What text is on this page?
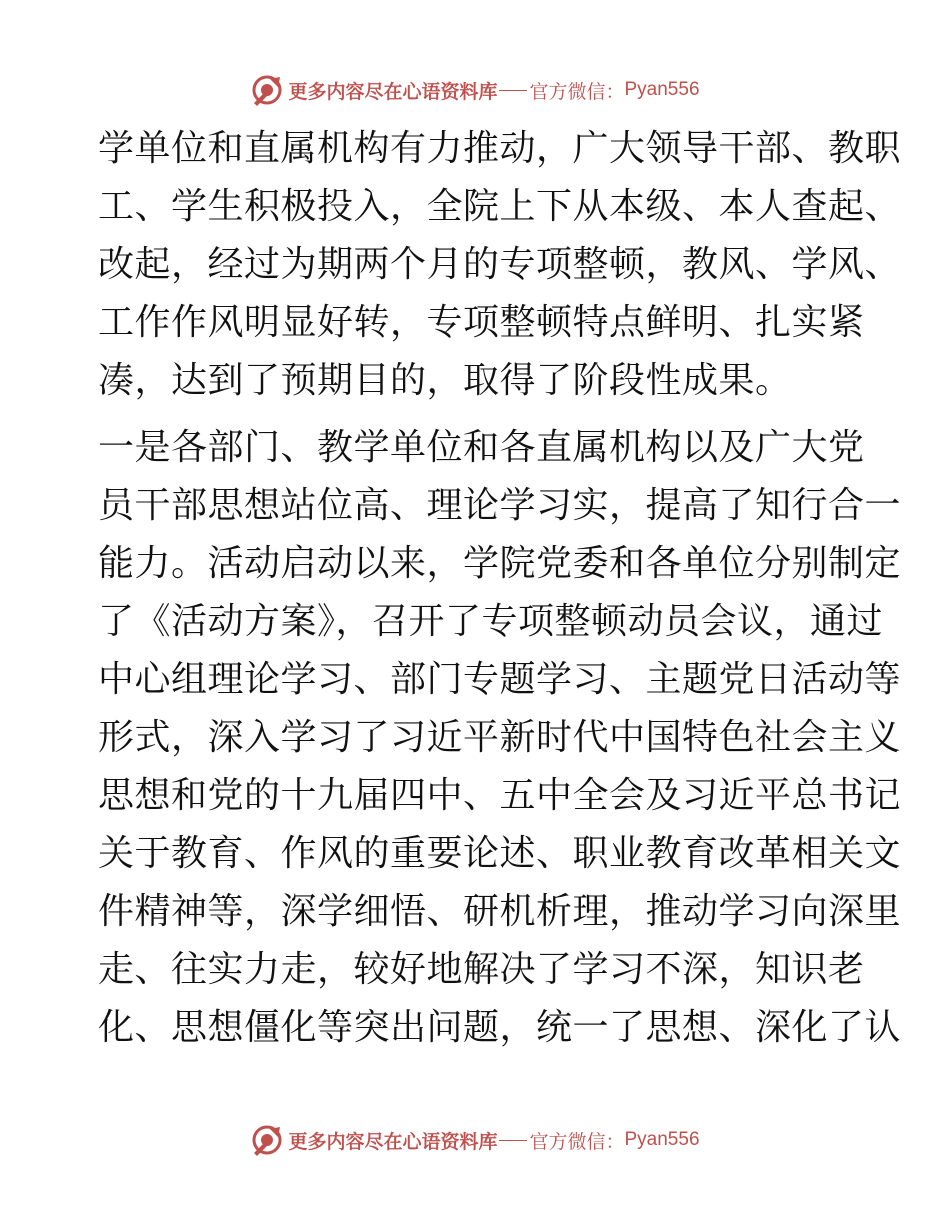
更多内容尽在心语资料库 官方微信： Pyan556
学单位和直属机构有力推动，广大领导干部、教职
工、学生积极投入，全院上下从本级、本人查起、
改起，经过为期两个月的专项整顿，教风、学风、
工作作风明显好转，专项整顿特点鲜明、扎实紧
凑，达到了预期目的，取得了阶段性成果。
一是各部门、教学单位和各直属机构以及广大党
员干部思想站位高、理论学习实，提高了知行合一
能力。活动启动以来，学院党委和各单位分别制定
了《活动方案》，召开了专项整顿动员会议，通过
中心组理论学习、部门专题学习、主题党日活动等
形式，深入学习了习近平新时代中国特色社会主义
思想和党的十九届四中、五中全会及习近平总书记
关于教育、作风的重要论述、职业教育改革相关文
件精神等，深学细悟、研机析理，推动学习向深里
走、往实力走，较好地解决了学习不深，知识老
化、思想僵化等突出问题，统一了思想、深化了认
更多内容尽在心语资料库 官方微信： Pyan556
